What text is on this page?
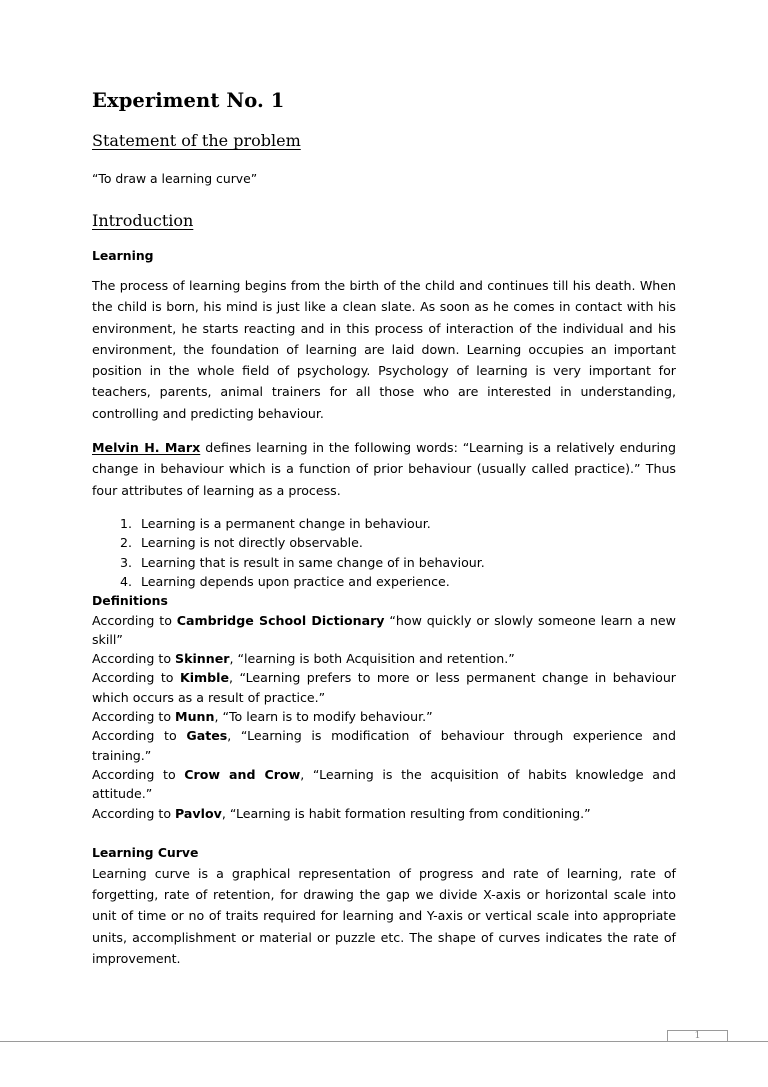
Experiment No. 1
Statement of the problem

“To draw a learning curve”

Introduction
Learning

The process of learning begins from the birth of the child and continues till his death. When the child is born, his mind is just like a clean slate. As soon as he comes in contact with his environment, he starts reacting and in this process of interaction of the individual and his environment, the foundation of learning are laid down. Learning occupies an important position in the whole field of psychology. Psychology of learning is very important for teachers, parents, animal trainers for all those who are interested in understanding, controlling and predicting behaviour.

Melvin H. Marx defines learning in the following words: “Learning is a relatively enduring change in behaviour which is a function of prior behaviour (usually called practice).” Thus four attributes of learning as a process.

1. Learning is a permanent change in behaviour.
2. Learning is not directly observable.
3. Learning that is result in same change of in behaviour.
4. Learning depends upon practice and experience.
Definitions

According to Cambridge School Dictionary “how quickly or slowly someone learn a new skill”

According to Skinner, “learning is both Acquisition and retention.”

According to Kimble, “Learning prefers to more or less permanent change in behaviour which occurs as a result of practice.”

According to Munn, “To learn is to modify behaviour.”

According to Gates, “Learning is modification of behaviour through experience and training.”

According to Crow and Crow, “Learning is the acquisition of habits knowledge and attitude.”

According to Pavlov, “Learning is habit formation resulting from conditioning.”

Learning Curve

Learning curve is a graphical representation of progress and rate of learning, rate of forgetting, rate of retention, for drawing the gap we divide X-axis or horizontal scale into unit of time or no of traits required for learning and Y-axis or vertical scale into appropriate units, accomplishment or material or puzzle etc. The shape of curves indicates the rate of improvement.

1
